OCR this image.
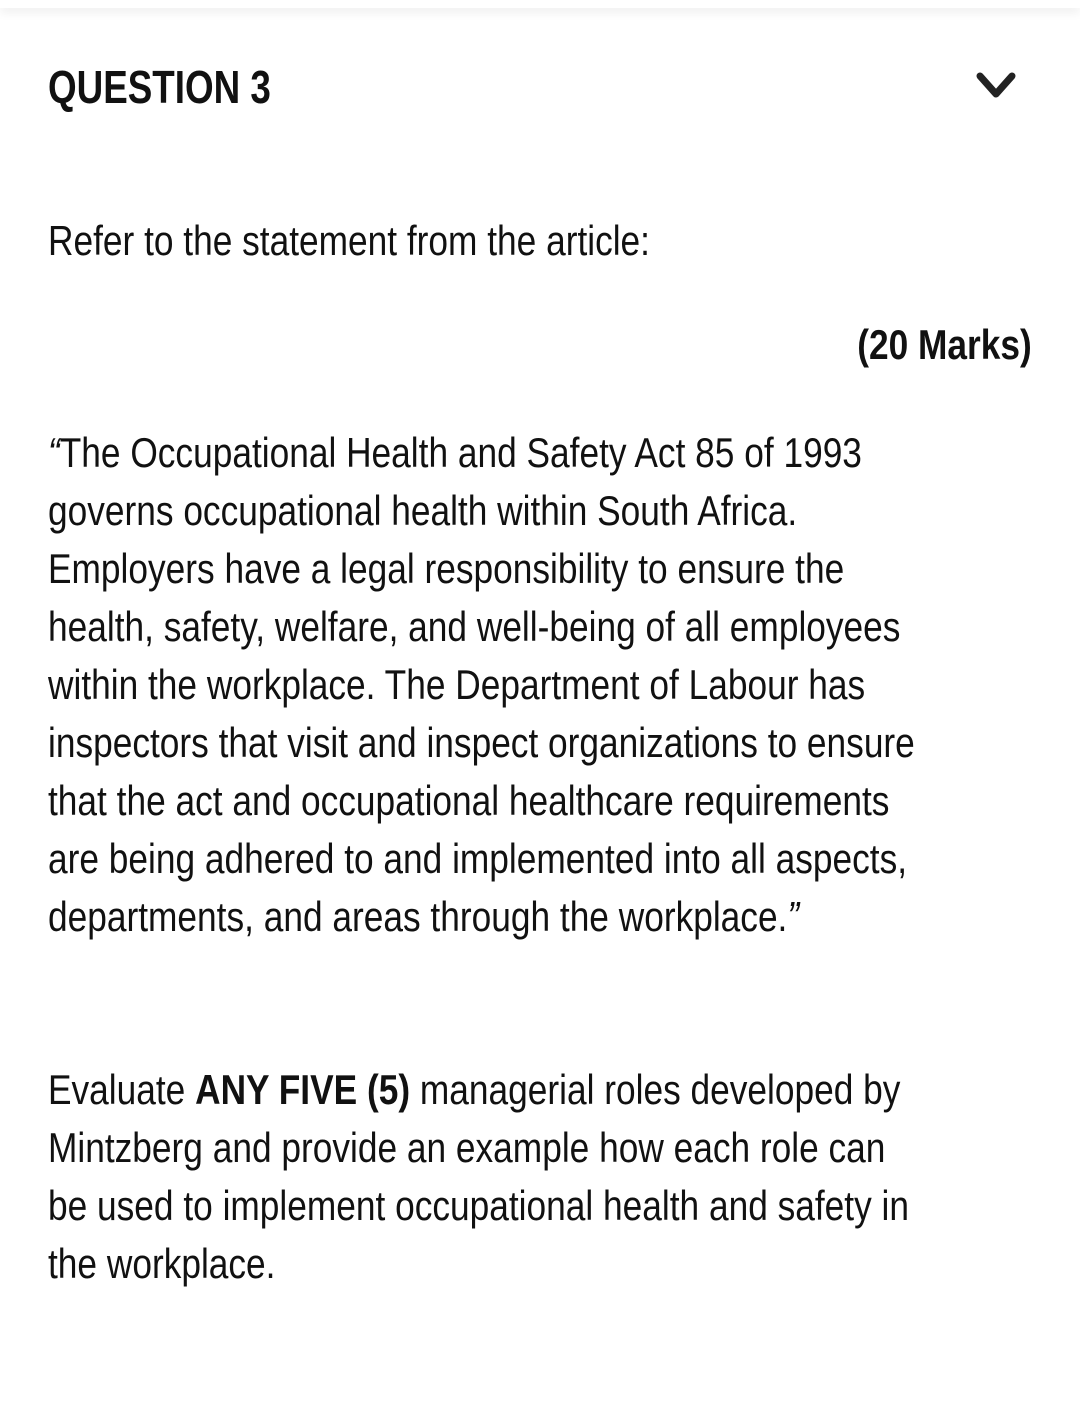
QUESTION 3
Refer to the statement from the article:
(20 Marks)
“The Occupational Health and Safety Act 85 of 1993
governs occupational health within South Africa.
Employers have a legal responsibility to ensure the
health, safety, welfare, and well-being of all employees
within the workplace. The Department of Labour has
inspectors that visit and inspect organizations to ensure
that the act and occupational healthcare requirements
are being adhered to and implemented into all aspects,
departments, and areas through the workplace.”
Evaluate ANY FIVE (5) managerial roles developed by
Mintzberg and provide an example how each role can
be used to implement occupational health and safety in
the workplace.
